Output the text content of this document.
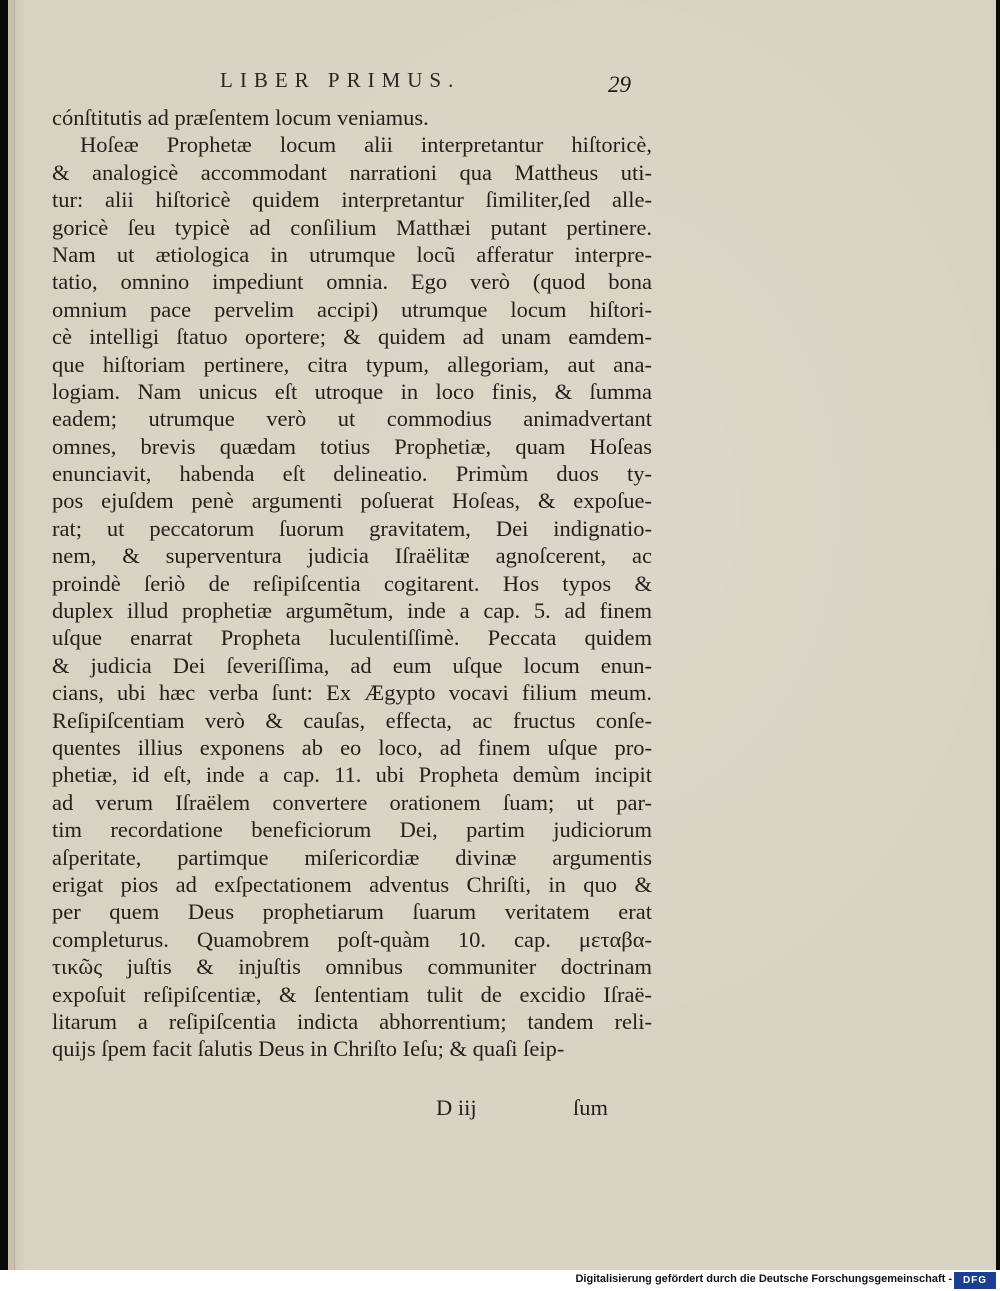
LIBER PRIMUS.	29
cónſtitutis ad præſentem locum veniamus.
Hoſeæ Prophetæ locum alii interpretantur hiſtoricè,
& analogicè accommodant narrationi qua Mattheus uti-
tur: alii hiſtoricè quidem interpretantur ſimiliter,ſed alle-
goricè ſeu typicè ad conſilium Matthæi putant pertinere.
Nam ut ætiologica in utrumque locũ afferatur interpre-
tatio, omnino impediunt omnia. Ego verò (quod bona
omnium pace pervelim accipi) utrumque locum hiſtori-
cè intelligi ſtatuo oportere; & quidem ad unam eamdem-
que hiſtoriam pertinere, citra typum, allegoriam, aut ana-
logiam. Nam unicus eſt utroque in loco finis, & ſumma
eadem; utrumque verò ut commodius animadvertant
omnes, brevis quædam totius Prophetiæ, quam Hoſeas
enunciavit, habenda eſt delineatio. Primùm duos ty-
pos ejuſdem penè argumenti poſuerat Hoſeas, & expoſue-
rat; ut peccatorum ſuorum gravitatem, Dei indignatio-
nem, & superventura judicia Iſraëlitæ agnoſcerent, ac
proindè ſeriò de reſipiſcentia cogitarent. Hos typos &
duplex illud prophetiæ argumẽtum, inde a cap. 5. ad finem
uſque enarrat Propheta luculentiſſimè. Peccata quidem
& judicia Dei ſeveriſſima, ad eum uſque locum enun-
cians, ubi hæc verba ſunt: Ex Ægypto vocavi filium meum.
Reſipiſcentiam verò & cauſas, effecta, ac fructus conſe-
quentes illius exponens ab eo loco, ad finem uſque pro-
phetiæ, id eſt, inde a cap. 11. ubi Propheta demùm incipit
ad verum Iſraëlem convertere orationem ſuam; ut par-
tim recordatione beneficiorum Dei, partim judiciorum
aſperitate, partimque miſericordiæ divinæ argumentis
erigat pios ad exſpectationem adventus Chriſti, in quo &
per quem Deus prophetiarum ſuarum veritatem erat
completurus. Quamobrem poſt-quàm 10. cap. μεταβα-
τικῶς juſtis & injuſtis omnibus communiter doctrinam
expoſuit reſipiſcentiæ, & ſententiam tulit de excidio Iſraë-
litarum a reſipiſcentia indicta abhorrentium; tandem reli-
quijs ſpem facit ſalutis Deus in Chriſto Ieſu; & quaſi ſeip-
D iij	ſum
Digitalisierung gefördert durch die Deutsche Forschungsgemeinschaft -	DFG
